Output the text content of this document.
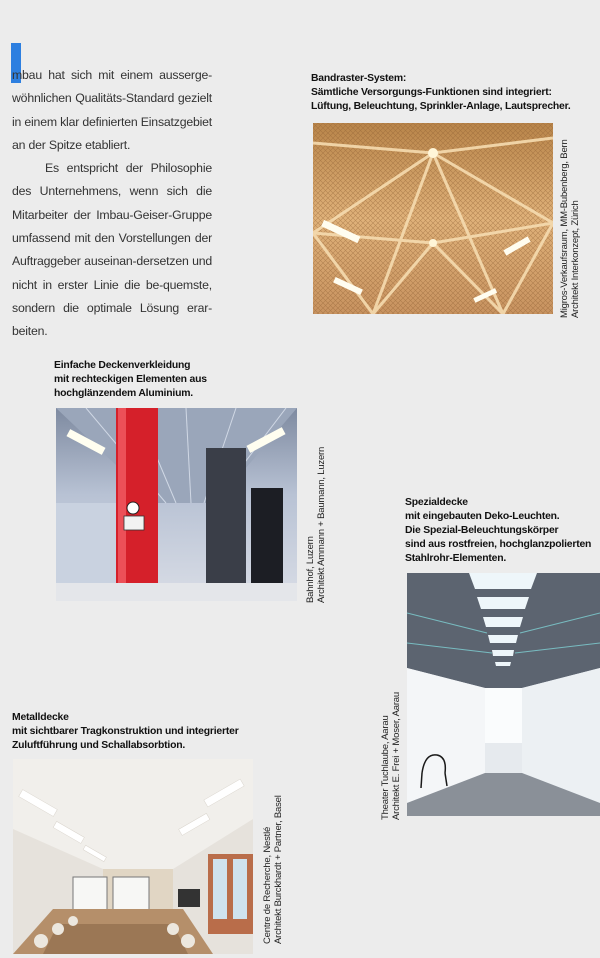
mbau hat sich mit einem ausserge-wöhnlichen Qualitäts-Standard gezielt in einem klar definierten Einsatzgebiet an der Spitze etabliert.

Es entspricht der Philosophie des Unternehmens, wenn sich die Mitarbeiter der Imbau-Geiser-Gruppe umfassend mit den Vorstellungen der Auftraggeber auseinan-dersetzen und nicht in erster Linie die be-quemste, sondern die optimale Lösung erar-beiten.

Bandraster-System:
Sämtliche Versorgungs-Funktionen sind integriert:
Lüftung, Beleuchtung, Sprinkler-Anlage, Lautsprecher.
Migros-Verkaufsraum, MM-Bubenberg, Bern Architekt Interkonzept, Zürich
Einfache Deckenverkleidung
mit rechteckigen Elementen aus
hochglänzendem Aluminium.
Bahnhof, Luzern Architekt Ammann + Baumann, Luzern	Spezialdecke
mit eingebauten Deko-Leuchten.
Die Spezial-Beleuchtungskörper
sind aus rostfreien, hochglanzpolierten
Stahlrohr-Elementen.
Theater Tuchlaube, Aarau Architekt E. Frei + Moser, Aarau
Metalldecke
mit sichtbarer Tragkonstruktion und integrierter
Zuluftführung und Schallabsorbtion.
Centre de Recherche, Nestlé Architekt Burckhardt + Partner, Basel
